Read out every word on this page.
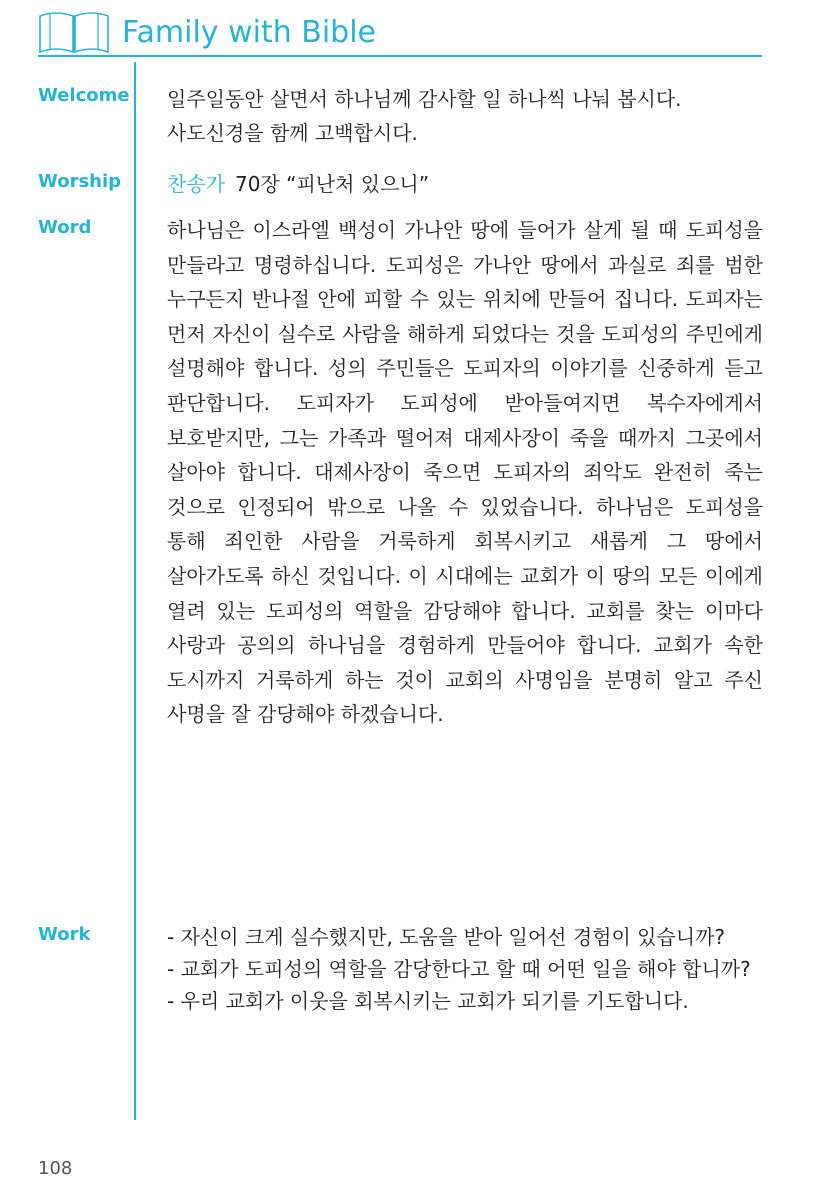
Family with Bible
Welcome 일주일동안 살면서 하나님께 감사할 일 하나씩 나눠 봅시다.
사도신경을 함께 고백합시다.
Worship 찬송가 70장 “피난처 있으니”
Word	하나님은 이스라엘 백성이 가나안 땅에 들어가 살게 될 때 도피성을 만들라고 명령하십니다. 도피성은 가나안 땅에서 과실로 죄를 범한 누구든지 반나절 안에 피할 수 있는 위치에 만들어 집니다. 도피자는 먼저 자신이 실수로 사람을 해하게 되었다는 것을 도피성의 주민에게 설명해야 합니다. 성의 주민들은 도피자의 이야기를 신중하게 듣고 판단합니다. 도피자가 도피성에 받아들여지면 복수자에게서 보호받지만, 그는 가족과 떨어져 대제사장이 죽을 때까지 그곳에서 살아야 합니다. 대제사장이 죽으면 도피자의 죄악도 완전히 죽는 것으로 인정되어 밖으로 나올 수 있었습니다. 하나님은 도피성을 통해 죄인한 사람을 거룩하게 회복시키고 새롭게 그 땅에서 살아가도록 하신 것입니다. 이 시대에는 교회가 이 땅의 모든 이에게 열려 있는 도피성의 역할을 감당해야 합니다. 교회를 찾는 이마다 사랑과 공의의 하나님을 경험하게 만들어야 합니다. 교회가 속한 도시까지 거룩하게 하는 것이 교회의 사명임을 분명히 알고 주신 사명을 잘 감당해야 하겠습니다.
Work	- 자신이 크게 실수했지만, 도움을 받아 일어선 경험이 있습니까?
- 교회가 도피성의 역할을 감당한다고 할 때 어떤 일을 해야 합니까?
- 우리 교회가 이웃을 회복시키는 교회가 되기를 기도합니다.
108
